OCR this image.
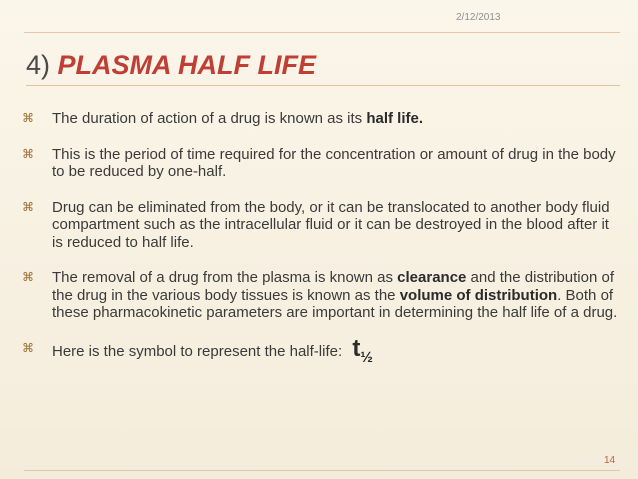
2/12/2013
4) PLASMA HALF LIFE
⌘ The duration of action of a drug is known as its half life.
⌘ This is the period of time required for the concentration or amount of drug in the body to be reduced by one-half.
⌘ Drug can be eliminated from the body, or it can be translocated to another body fluid compartment such as the intracellular fluid or it can be destroyed in the blood after it is reduced to half life.
⌘ The removal of a drug from the plasma is known as clearance and the distribution of the drug in the various body tissues is known as the volume of distribution. Both of these pharmacokinetic parameters are important in determining the half life of a drug.
⌘ Here is the symbol to represent the half-life: $t_{\frac{1}{2}}$
14
